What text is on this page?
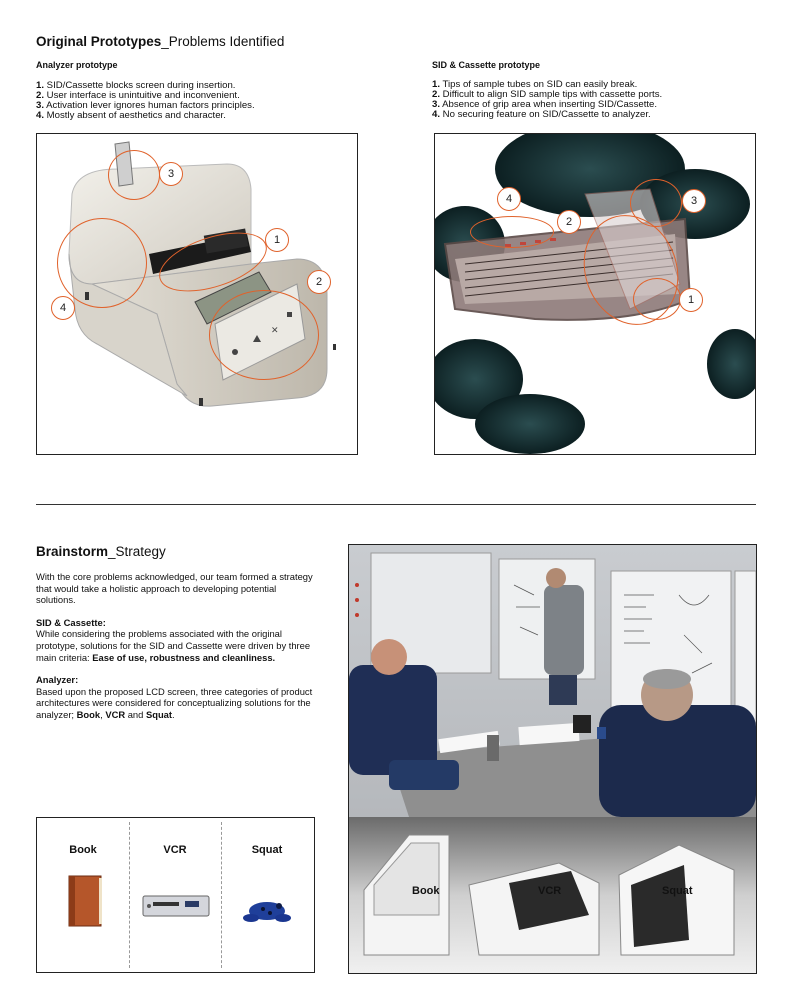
Original Prototypes_Problems Identified
Analyzer prototype
1. SID/Cassette blocks screen during insertion.
2. User interface is unintuitive and inconvenient.
3. Activation lever ignores human factors principles.
4. Mostly absent of aesthetics and character.
SID & Cassette prototype
1. Tips of sample tubes on SID can easily break.
2. Difficult to align SID sample tips with cassette ports.
3. Absence of grip area when inserting SID/Cassette.
4. No securing feature on SID/Cassette to analyzer.
✕
3
1
2
4
4
2
3
1
Brainstorm_Strategy

With the core problems acknowledged, our team formed a strategy that would take a holistic approach to developing potential solutions.

SID & Cassette:
While considering the problems associated with the original prototype, solutions for the SID and Cassette were driven by three main criteria: Ease of use, robustness and cleanliness.

Analyzer:
Based upon the proposed LCD screen, three categories of product architectures were considered for conceptualizing solutions for the analyzer; Book, VCR and Squat.

Book	VCR	Squat
Book	VCR	Squat
